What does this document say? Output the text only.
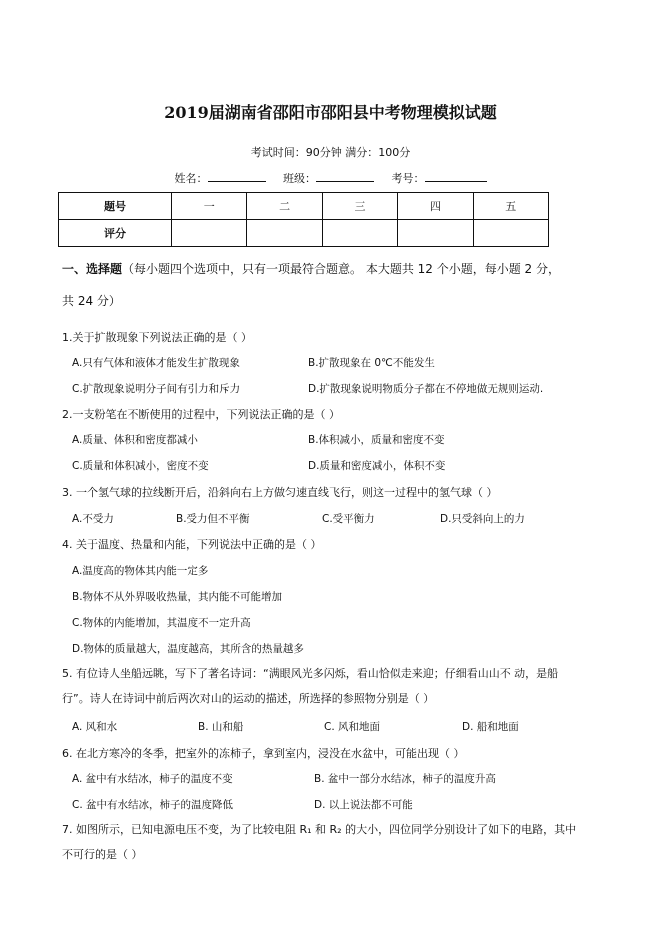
2019届湖南省邵阳市邵阳县中考物理模拟试题
考试时间：90分钟 满分：100分
姓名：	班级：	考号：
题号	一	二	三	四	五
评分					
一、选择题（每小题四个选项中，只有一项最符合题意。 本大题共 12 个小题，每小题 2 分，
共 24 分）
1.关于扩散现象下列说法正确的是（ ）
A.只有气体和液体才能发生扩散现象	B.扩散现象在 0℃不能发生
C.扩散现象说明分子间有引力和斥力	D.扩散现象说明物质分子都在不停地做无规则运动.
2.一支粉笔在不断使用的过程中，下列说法正确的是（ ）
A.质量、体积和密度都减小	B.体积减小，质量和密度不变
C.质量和体积减小，密度不变	D.质量和密度减小，体积不变
3. 一个氢气球的拉线断开后，沿斜向右上方做匀速直线飞行，则这一过程中的氢气球（ ）
A.不受力	B.受力但不平衡	C.受平衡力	D.只受斜向上的力
4. 关于温度、热量和内能，下列说法中正确的是（ ）
A.温度高的物体其内能一定多
B.物体不从外界吸收热量，其内能不可能增加
C.物体的内能增加，其温度不一定升高
D.物体的质量越大，温度越高，其所含的热量越多
5. 有位诗人坐船远眺，写下了著名诗词：“满眼风光多闪烁，看山恰似走来迎；仔细看山山不 动，是船
行”。诗人在诗词中前后两次对山的运动的描述，所选择的参照物分别是（ ）
A. 风和水	B. 山和船	C. 风和地面	D. 船和地面
6. 在北方寒冷的冬季，把室外的冻柿子，拿到室内，浸没在水盆中，可能出现（ ）
A. 盆中有水结冰，柿子的温度不变	B. 盆中一部分水结冰，柿子的温度升高
C. 盆中有水结冰，柿子的温度降低	D. 以上说法都不可能
7. 如图所示，已知电源电压不变，为了比较电阻 R₁ 和 R₂ 的大小，四位同学分别设计了如下的电路，其中
不可行的是（ ）
